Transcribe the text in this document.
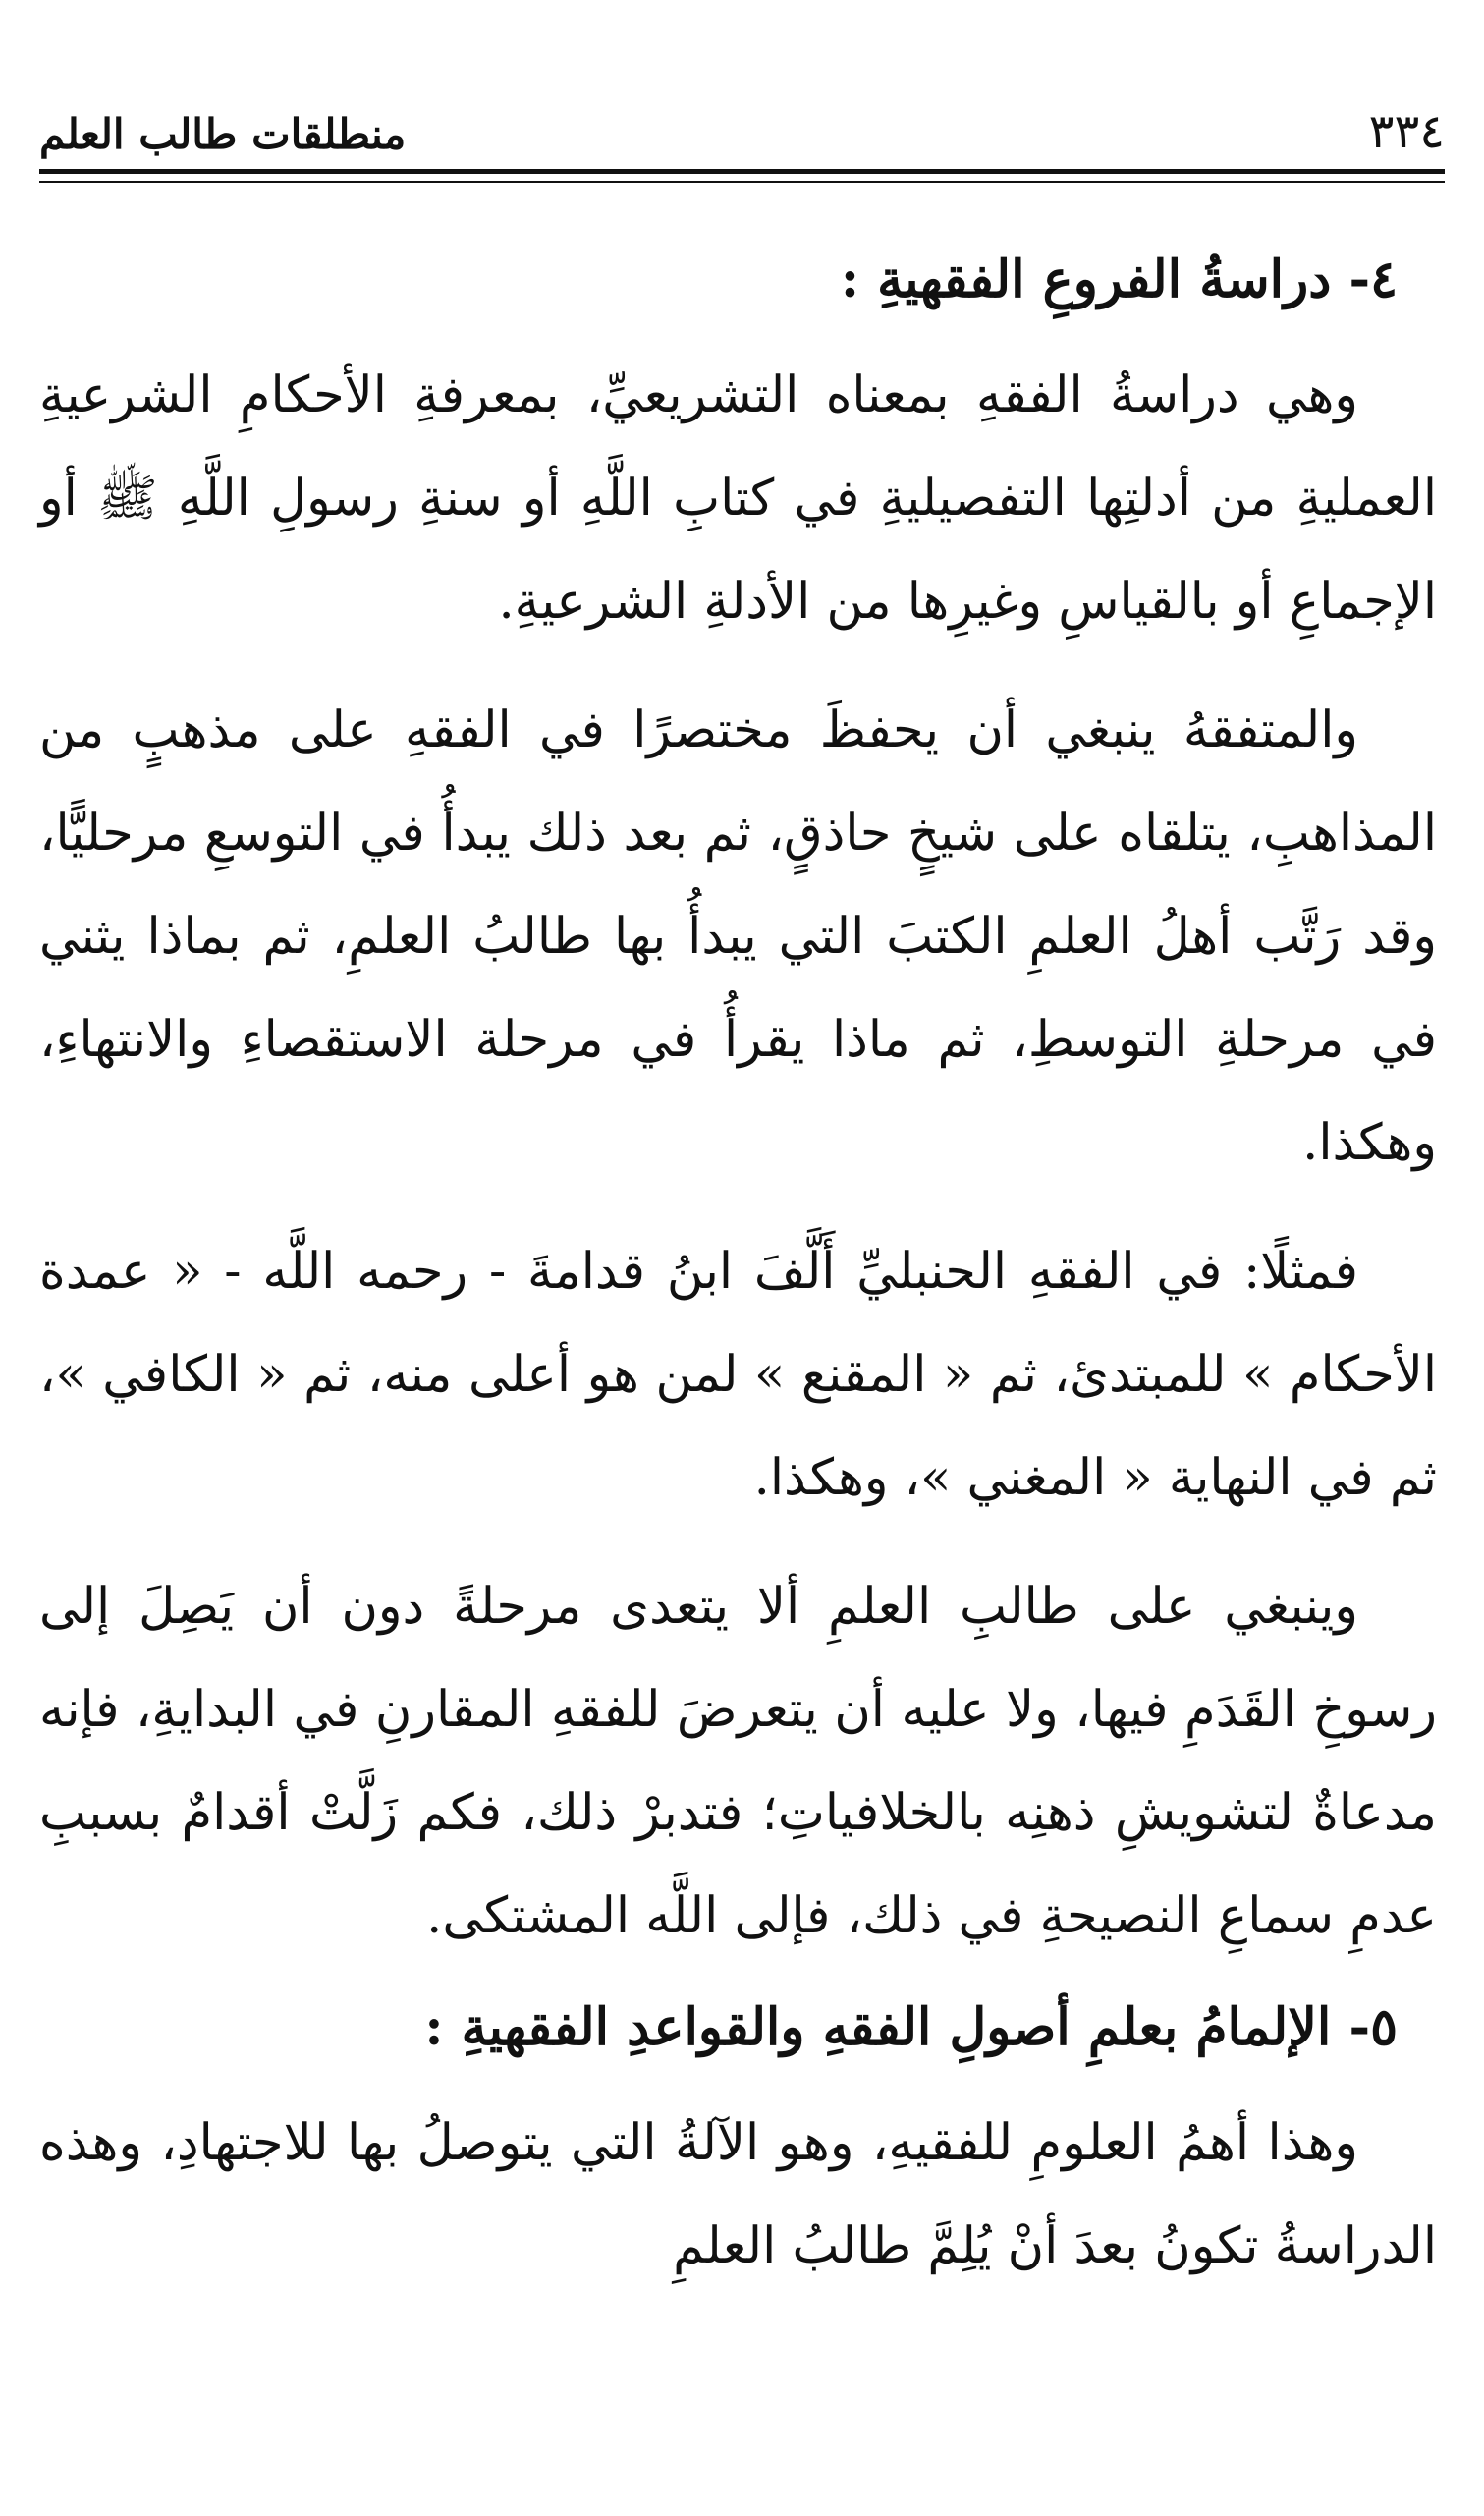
٣٣٤
منطلقات طالب العلم
٤- دراسةُ الفروعِ الفقهيةِ :

وهي دراسةُ الفقهِ بمعناه التشريعيِّ، بمعرفةِ الأحكامِ الشرعيةِ العمليةِ من أدلتِها التفصيليةِ في كتابِ اللَّهِ أو سنةِ رسولِ اللَّهِ ﷺ أو الإجماعِ أو بالقياسِ وغيرِها من الأدلةِ الشرعيةِ.

والمتفقهُ ينبغي أن يحفظَ مختصرًا في الفقهِ على مذهبٍ من المذاهبِ، يتلقاه على شيخٍ حاذقٍ، ثم بعد ذلك يبدأُ في التوسعِ مرحليًّا، وقد رَتَّب أهلُ العلمِ الكتبَ التي يبدأُ بها طالبُ العلمِ، ثم بماذا يثني في مرحلةِ التوسطِ، ثم ماذا يقرأُ في مرحلة الاستقصاءِ والانتهاءِ، وهكذا.

فمثلًا: في الفقهِ الحنبليِّ أَلَّفَ ابنُ قدامةَ - رحمه اللَّه - « عمدة الأحكام » للمبتدئ، ثم « المقنع » لمن هو أعلى منه، ثم « الكافي »، ثم في النهاية « المغني »، وهكذا.

وينبغي على طالبِ العلمِ ألا يتعدى مرحلةً دون أن يَصِلَ إلى رسوخِ القَدَمِ فيها، ولا عليه أن يتعرضَ للفقهِ المقارنِ في البدايةِ، فإنه مدعاةٌ لتشويشِ ذهنِه بالخلافياتِ؛ فتدبرْ ذلك، فكم زَلَّتْ أقدامٌ بسببِ عدمِ سماعِ النصيحةِ في ذلك، فإلى اللَّه المشتكى.

٥- الإلمامُ بعلمِ أصولِ الفقهِ والقواعدِ الفقهيةِ :

وهذا أهمُ العلومِ للفقيهِ، وهو الآلةُ التي يتوصلُ بها للاجتهادِ، وهذه الدراسةُ تكونُ بعدَ أنْ يُلِمَّ طالبُ العلمِ
